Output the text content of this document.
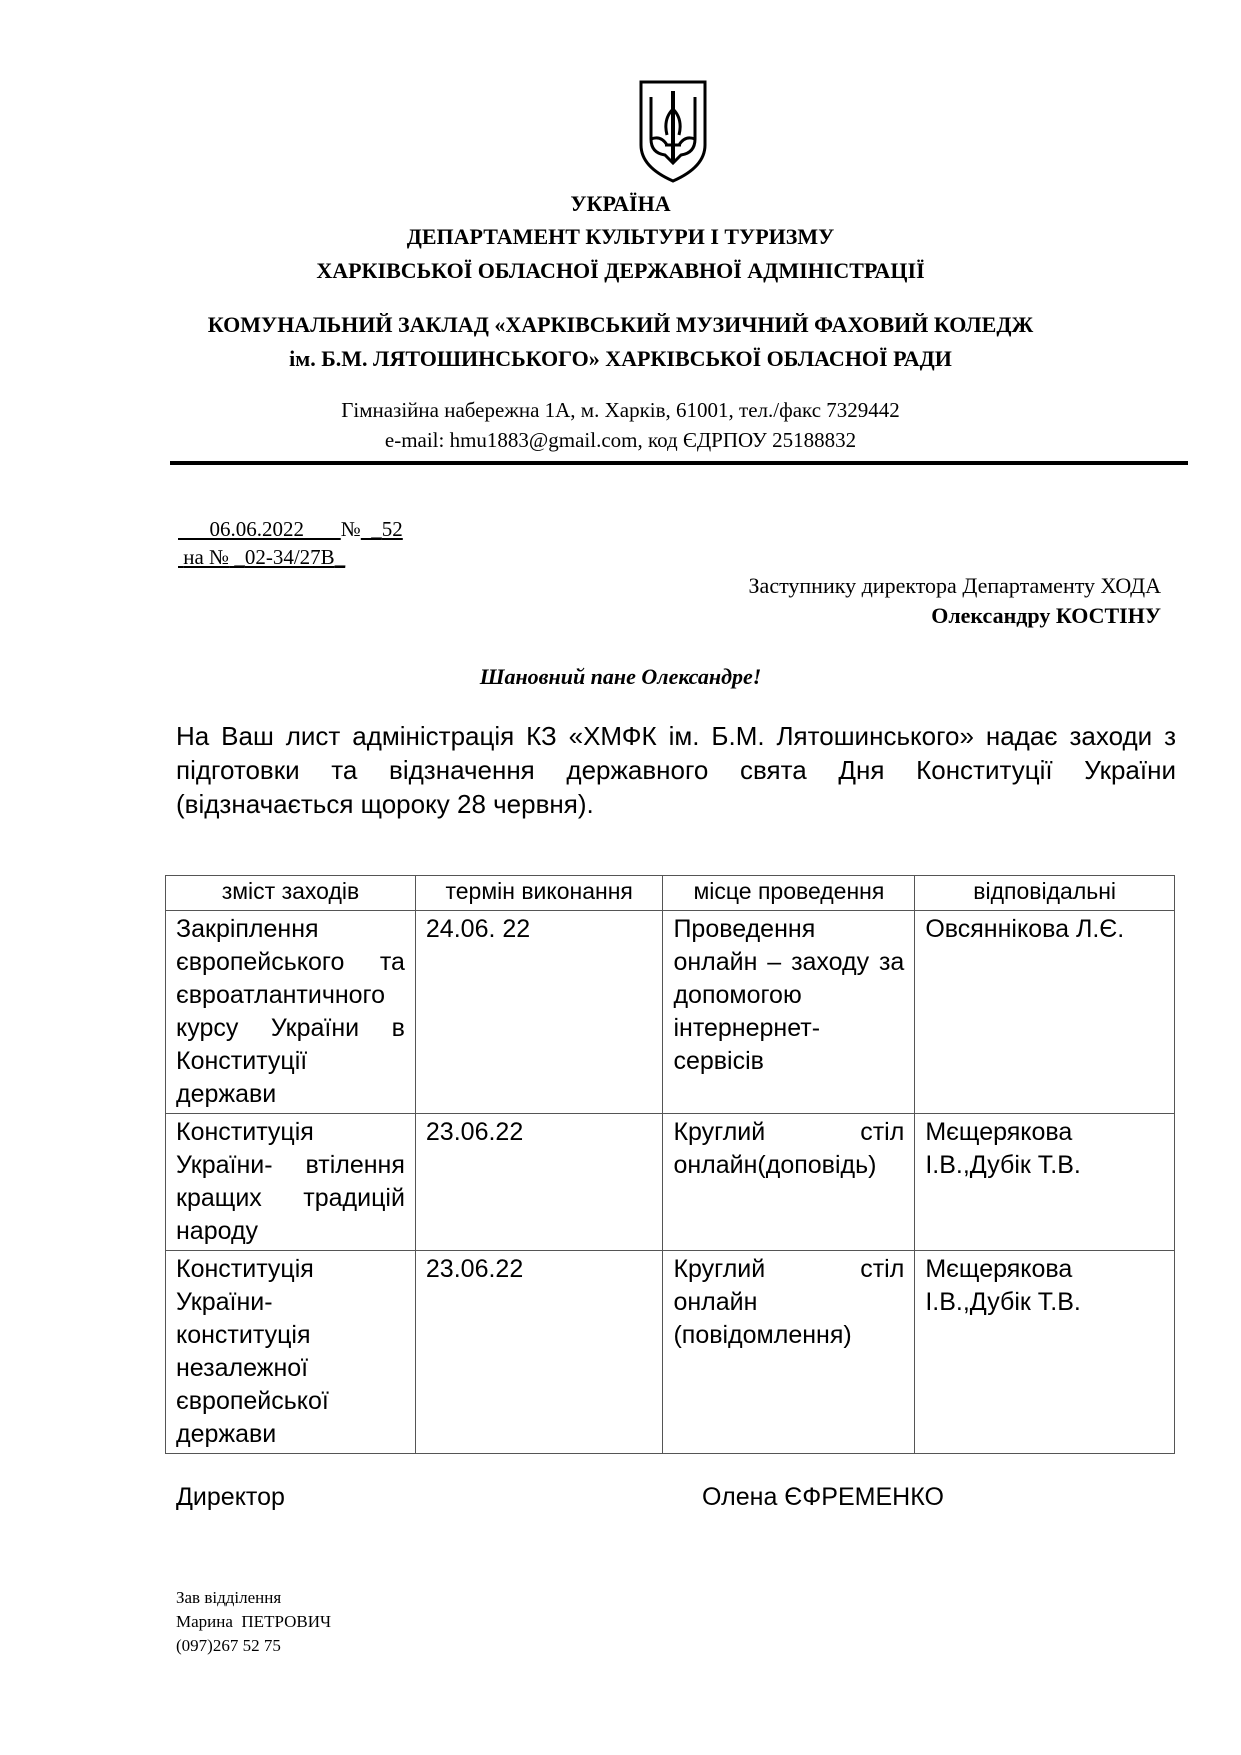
УКРАЇНА
ДЕПАРТАМЕНТ КУЛЬТУРИ І ТУРИЗМУ
ХАРКІВСЬКОЇ ОБЛАСНОЇ ДЕРЖАВНОЇ АДМІНІСТРАЦІЇ
КОМУНАЛЬНИЙ ЗАКЛАД «ХАРКІВСЬКИЙ МУЗИЧНИЙ ФАХОВИЙ КОЛЕДЖ
ім. Б.М. ЛЯТОШИНСЬКОГО» ХАРКІВСЬКОЇ ОБЛАСНОЇ РАДИ
Гімназійна набережна 1А, м. Харків, 61001, тел./факс 7329442
e-mail: hmu1883@gmail.com, код ЄДРПОУ 25188832
06.06.2022 №  _52
на № _02-34/27В_
Заступнику директора Департаменту ХОДА
Олександру КОСТІНУ
Шановний пане Олександре!
На Ваш лист адміністрація КЗ «ХМФК ім. Б.М. Лятошинського» надає заходи з підготовки та відзначення державного свята Дня Конституції України (відзначається щороку 28 червня).
зміст заходів	термін виконання	місце проведення	відповідальні
Закріплення європейського та євроатлантичного курсу України в Конституції держави	24.06. 22	Проведення онлайн – заходу за допомогою інтернернет-сервісів	Овсяннікова Л.Є.
Конституція України- втілення кращих традицій народу	23.06.22	Круглий стіл онлайн(доповідь)	Мєщерякова І.В.,Дубік Т.В.
Конституція України-конституція незалежної європейської держави	23.06.22	Круглий стіл онлайн (повідомлення)	Мєщерякова І.В.,Дубік Т.В.
Директор	Олена ЄФРЕМЕНКО
Зав відділення
Марина  ПЕТРОВИЧ
(097)267 52 75
